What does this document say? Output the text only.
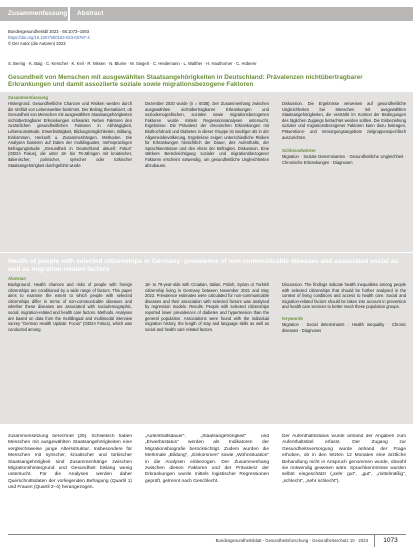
Zusammenfassung Abstract
Bundesgesundheitsbl 2023 · 66:1073–1083
https://doi.org/10.1007/s00103-023-03767-4
© Der Autor (die Autoren) 2023
S. Bernig · K. Baig · C. Kerschel · K. Keil · R. Nissen · N. Blume · M. Siegert · C. Heidemann · L. Walther · H. Hauthorner · C. Hoberer
Gesundheit von Menschen mit ausgewählten Staatsangehörigkeiten in Deutschland: Prävalenzen nichtübertragbarer Erkrankungen und damit assoziierte soziale sowie migrationsbezogene Faktoren
Zusammenfassung

Hintergrund. Gesundheitliche Chancen und Risiken werden durch die Vielfalt von Lebenswelten bestimmt. Der Beitrag thematisiert, ob Gesundheit von Menschen mit ausgewählten Staatsangehörigkeiten nichtübertragbarer Erkrankungen schwankt. Neben Faktoren den zusätzlichen gesundheitlichen Faktoren in Abhängigkeit, Lebensumstände, Erwerbstätigkeit, Bildungsmöglichkeiten, Bildung, Einkommen, Herkunft u. Zusammenhängen. Methoden. Die Analysen basieren auf Daten der multilingualen, mehrsprachigen Befragungsstudie „Gesundheit in Deutschland aktuell: Fokus“ (GEDA Fokus), die unter 18- bis 79-Jährigen mit kroatischer, italienischer, polnischer, syrischer oder türkischer Staatsangehörigkeit durchgeführt wurde

Dezember 2020 wurde (n = 6038). Der Zusammenhang zwischen ausgewählten nichtübertragbaren Erkrankungen und soziodemografischen, sozialen sowie migrationsbezogenen Faktoren wurde mittels Regressionsanalysen untersucht. Ergebnisse. Die Prävalenz der chronischen Erkrankungen mit Bluthochdruck und Diabetes in dieser Gruppe ist niedriger als in der Allgemeinbevölkerung. Ergebnisse zeigen unterschiedliche Risiken für Erkrankungen hinsichtlich der Dauer, des Aufenthalts, der Sprachkenntnisse und des Alters der Befragten. Diskussion. Eine stärkere Berücksichtigung sozialer und migrationsbezogener Faktoren erscheint notwendig, um gesundheitliche Ungleichheiten abzubauen.

Diskussion. Die Ergebnisse verweisen auf gesundheitliche Ungleichheiten bei Menschen mit ausgewählten Staatsangehörigkeiten, die verstärkt im Kontext der Bedingungen des täglichen Zugangs betrachtet werden sollten. Die Einbeziehung sozialer und migrationsbezogener Faktoren kann dazu beitragen, Präventions- und Versorgungsangebote zielgruppenspezifisch auszurichten.

Schlüsselwörter

Migration · Soziale Determinanten · Gesundheitliche Ungleichheit · Chronische Erkrankungen · Diagnosen

Health of people with selected citizenships in Germany: prevalence of non-communicable diseases and associated social as well as migration-related factors
Abstract

Background. Health chances and risks of people with foreign citizenships are conditioned by a wide range of factors. This paper aims to examine the extent to which people with selected citizenships differ in terms of non-communicable diseases and whether these diseases are associated with sociodemographic, social, migration-related and health care factors. Methods. Analyses are based on data from the multilingual and multimodal interview survey “German Health Update: Focus” (GEDA Fokus), which was conducted among

18- to 79-year-olds with Croatian, Italian, Polish, Syrian or Turkish citizenship living in Germany between November 2021 and May 2022. Prevalence estimates were calculated for non-communicable diseases and their association with selected factors was analysed by regression models. Results. People with selected citizenships reported lower prevalences of diabetes and hypertension than the general population. Associations were found with the individual migration history, the length of stay and language skills as well as social and health care related factors.

Discussion. The findings indicate health inequalities among people with selected citizenships that should be further analysed in the context of living conditions and access to health care. Social and migration-related factors should be taken into account in prevention and health care services to better reach these population groups.

Keywords

Migration · Social determinants · Health inequality · Chronic diseases · Diagnoses

zusammensetzung berechnet [30]. Schließlich haben Menschen mit ausgewählten Staatsangehörigkeiten eine vergleichsweise junge Altersstruktur. Insbesondere für Menschen mit syrischer, kroatischer und türkischer Staatsangehörigkeit sind Zusammenhänge zwischen Migrationshintergrund und Gesundheit bislang wenig untersucht. Für die Analysen werden daher Querschnittsdaten der vorliegenden Befragung (Quartil 1) und Frauen (Quartil 2–4) herangezogen.
„Aufenthaltsdauer“, „Staatsangehörigkeit“ und „Erwerbsstatus“ werden als Indikatoren der Migrationsbiografie berücksichtigt. Zudem wurden die Merkmale „Bildung“, „Einkommen“ sowie „Wohnsituation“ in die Analysen einbezogen. Der Zusammenhang zwischen diesen Faktoren und der Prävalenz der Erkrankungen wurde mittels logistischer Regressionen geprüft, getrennt nach Geschlecht.
Der Aufenthaltsstatus wurde anhand der Angaben zum Aufenthaltstitel erfasst. Der Zugang zur Gesundheitsversorgung wurde anhand der Frage erhoben, ob in den letzten 12 Monaten eine ärztliche Behandlung nicht in Anspruch genommen wurde, obwohl sie notwendig gewesen wäre. Sprachkenntnisse wurden selbst eingeschätzt („sehr gut“, „gut“, „mittelmäßig“, „schlecht“, „sehr schlecht“).
Bundesgesundheitsblatt - Gesundheitsforschung - Gesundheitsschutz 10 · 2023	1073
